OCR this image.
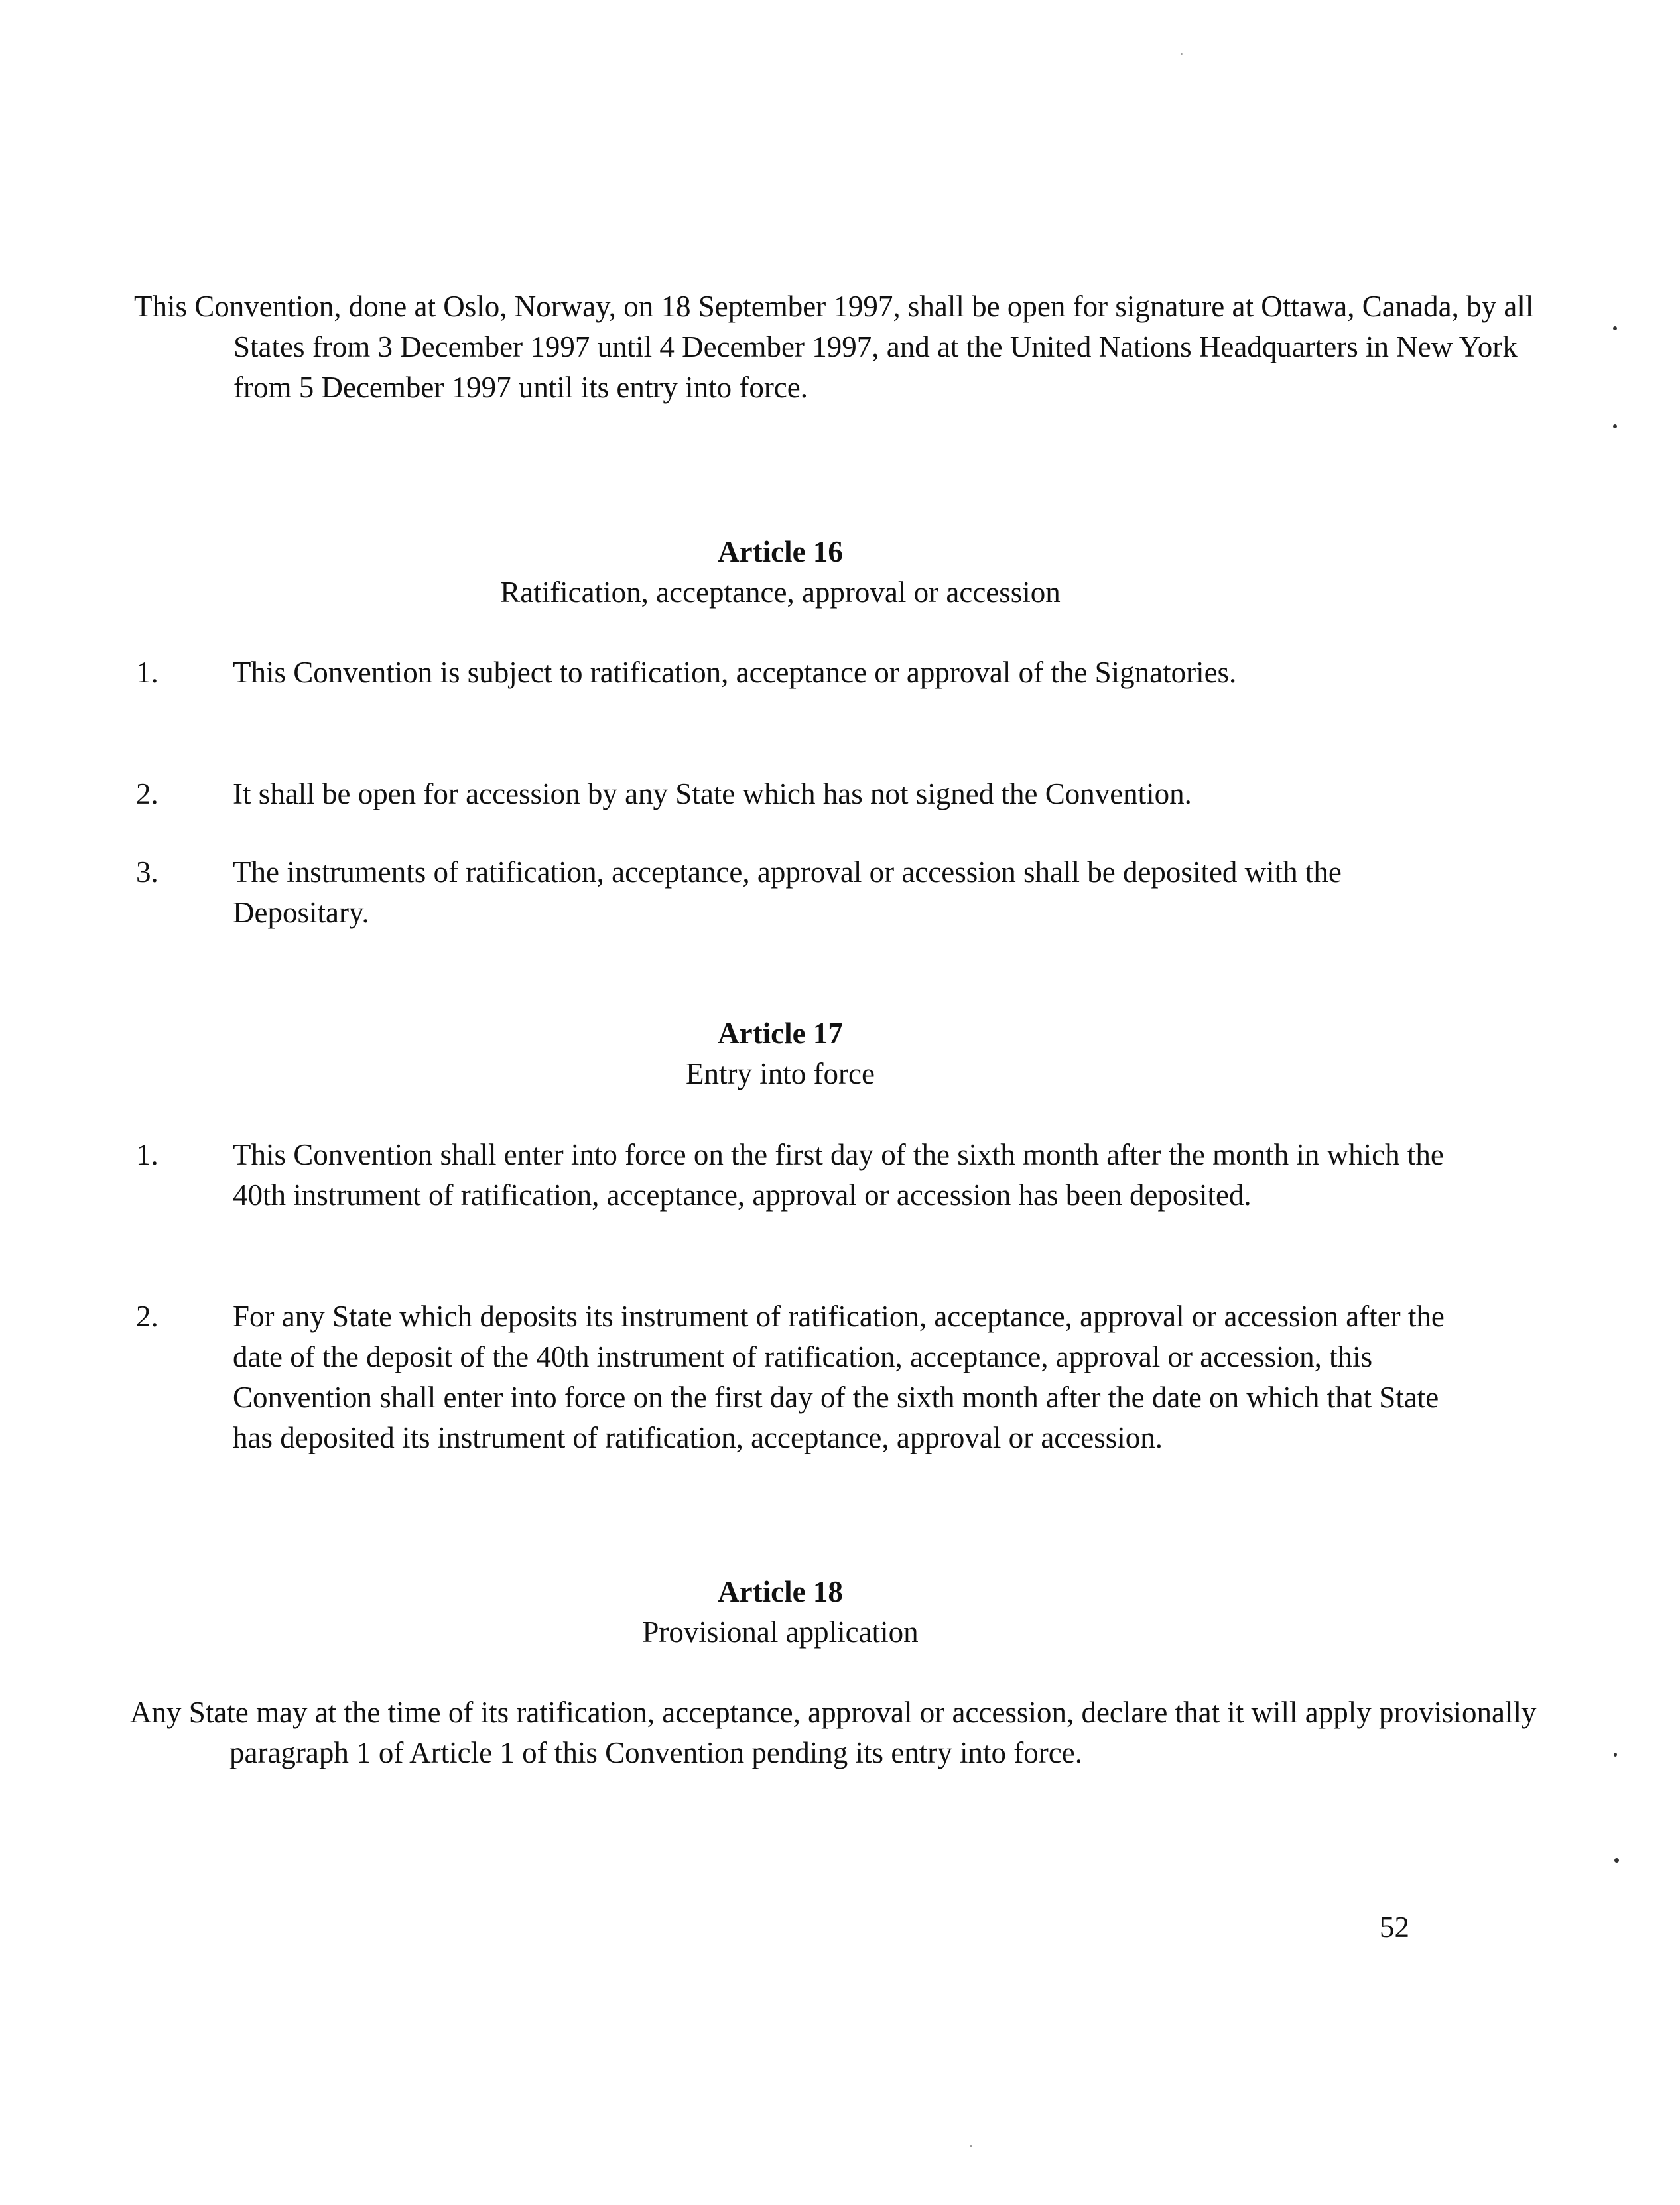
This Convention, done at Oslo, Norway, on 18 September 1997, shall be open for signature at Ottawa, Canada, by all States from 3 December 1997 until 4 December 1997, and at the United Nations Headquarters in New York from 5 December 1997 until its entry into force.

Article 16
Ratification, acceptance, approval or accession
1.	This Convention is subject to ratification, acceptance or approval of the Signatories.
2.	It shall be open for accession by any State which has not signed the Convention.
3.	The instruments of ratification, acceptance, approval or accession shall be deposited with the Depositary.
Article 17
Entry into force
1.	This Convention shall enter into force on the first day of the sixth month after the month in which the 40th instrument of ratification, acceptance, approval or accession has been deposited.
2.	For any State which deposits its instrument of ratification, acceptance, approval or accession after the date of the deposit of the 40th instrument of ratification, acceptance, approval or accession, this Convention shall enter into force on the first day of the sixth month after the date on which that State has deposited its instrument of ratification, acceptance, approval or accession.
Article 18
Provisional application

Any State may at the time of its ratification, acceptance, approval or accession, declare that it will apply provisionally paragraph 1 of Article 1 of this Convention pending its entry into force.

52
